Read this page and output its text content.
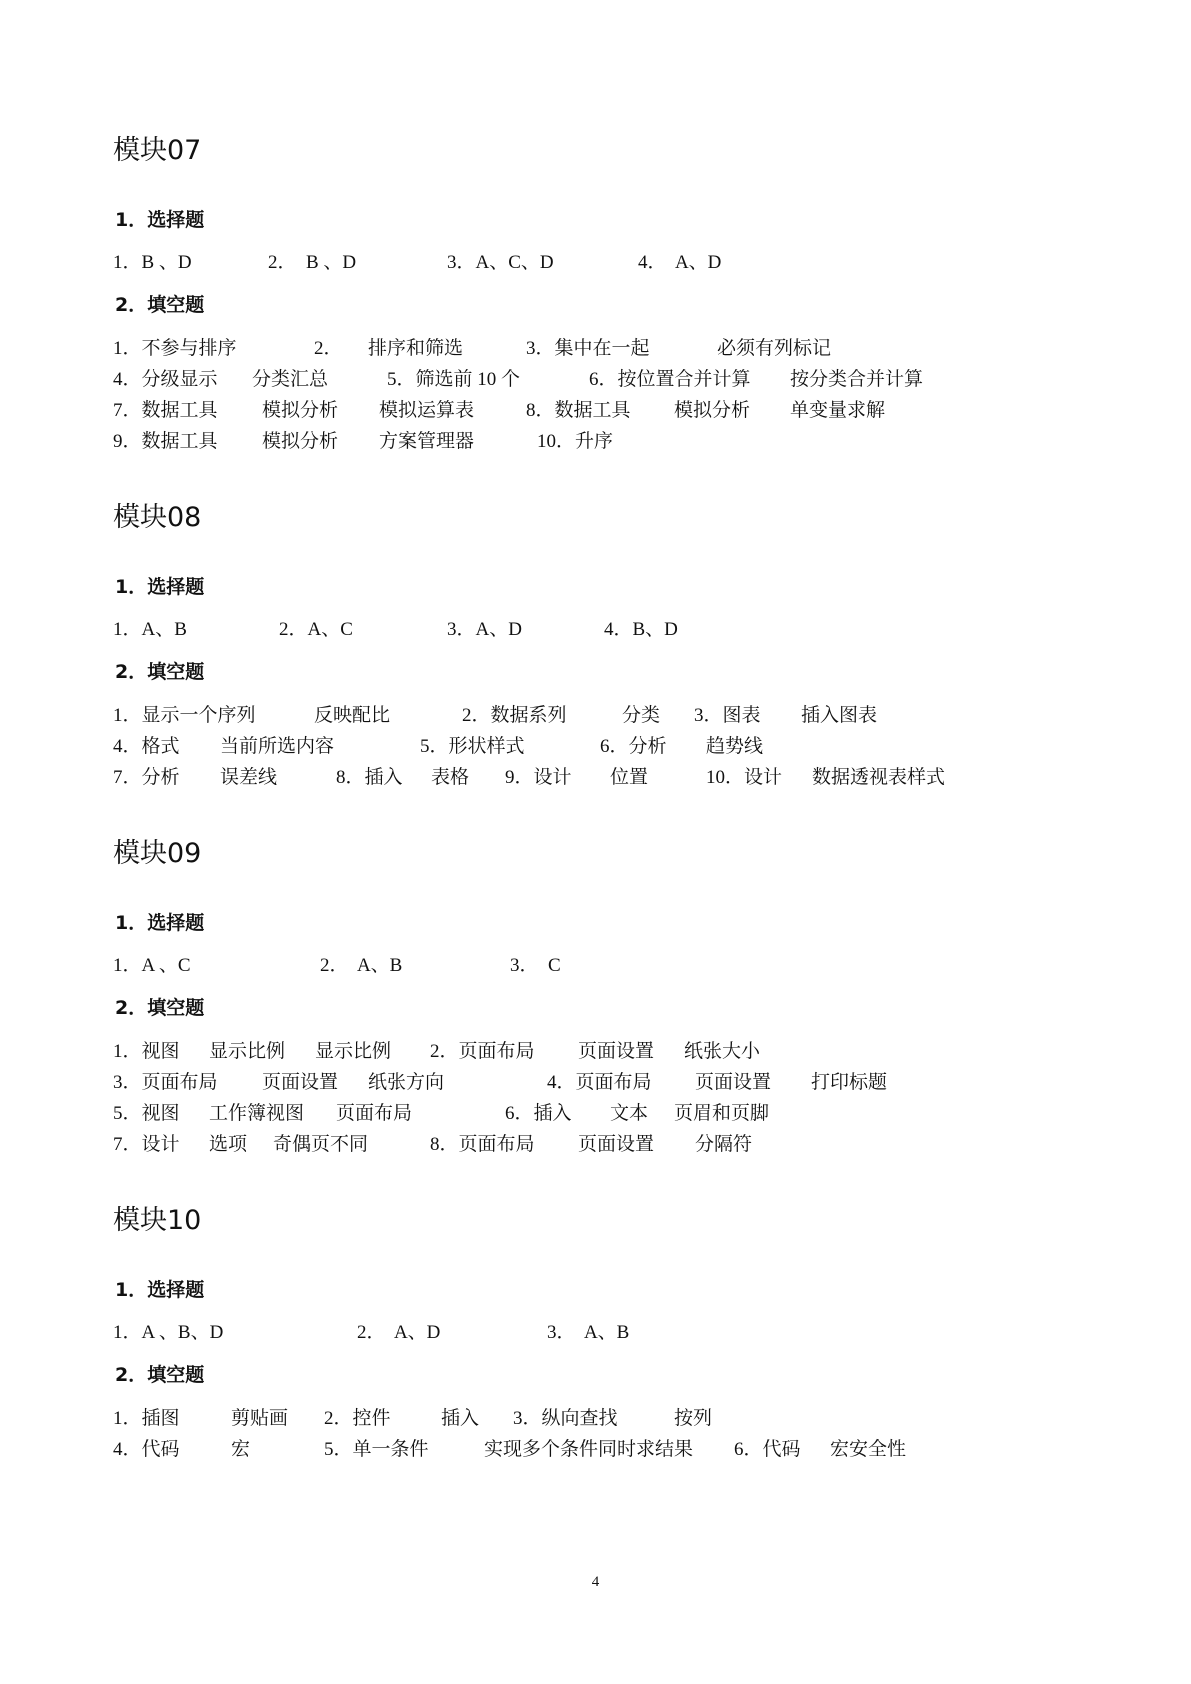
模块07
1．选择题
1．B 、D	2．  B 、D	3．A、C、D	4．  A、D
2．填空题
1．不参与排序	2． 排序和筛选	3．集中在一起	必须有列标记
4．分级显示 分类汇总	5．筛选前 10 个	6．按位置合并计算 按分类合并计算
7．数据工具 模拟分析 模拟运算表	8．数据工具 模拟分析 单变量求解
9．数据工具 模拟分析 方案管理器	10．升序
模块08
1．选择题
1．A、B	2．A、C	3．A、D	4．B、D
2．填空题
1．显示一个序列	反映配比	2．数据系列	分类 3．图表 插入图表
4．格式 当前所选内容	5．形状样式	6．分析 趋势线
7．分析 误差线	8．插入 表格 9．设计 位置	10．设计 数据透视表样式
模块09
1．选择题
1．A 、C	2．  A、B	3．  C
2．填空题
1．视图 显示比例 显示比例 2．页面布局 页面设置 纸张大小
3．页面布局 页面设置 纸张方向	4．页面布局 页面设置 打印标题
5．视图 工作簿视图 页面布局	6．插入 文本 页眉和页脚
7．设计 选项 奇偶页不同	8．页面布局 页面设置 分隔符
模块10
1．选择题
1．A 、B、D	2．  A、D	3．  A、B
2．填空题
1．插图	剪贴画 2．控件	插入 3．纵向查找	按列
4．代码	宏	5．单一条件	实现多个条件同时求结果 6．代码 宏安全性
4
